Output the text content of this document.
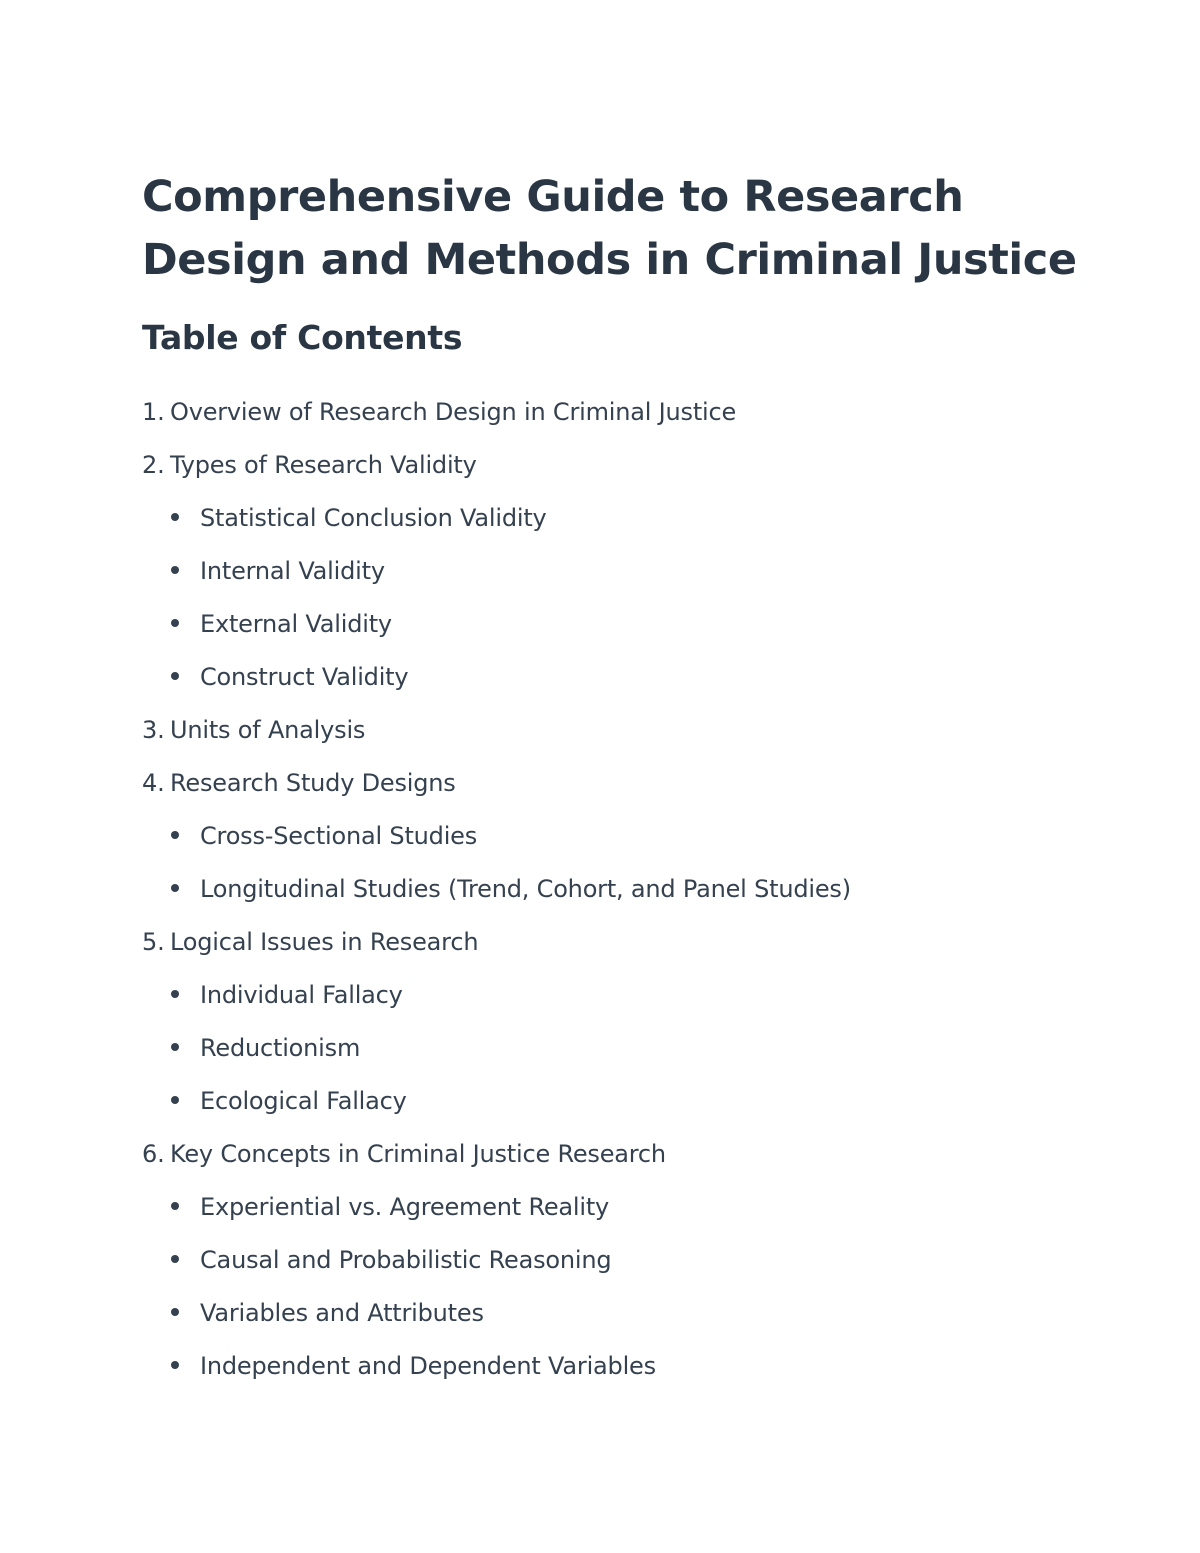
Comprehensive Guide to Research Design and Methods in Criminal Justice
Table of Contents
1. Overview of Research Design in Criminal Justice
2. Types of Research Validity
Statistical Conclusion Validity
Internal Validity
External Validity
Construct Validity
3. Units of Analysis
4. Research Study Designs
Cross-Sectional Studies
Longitudinal Studies (Trend, Cohort, and Panel Studies)
5. Logical Issues in Research
Individual Fallacy
Reductionism
Ecological Fallacy
6. Key Concepts in Criminal Justice Research
Experiential vs. Agreement Reality
Causal and Probabilistic Reasoning
Variables and Attributes
Independent and Dependent Variables
